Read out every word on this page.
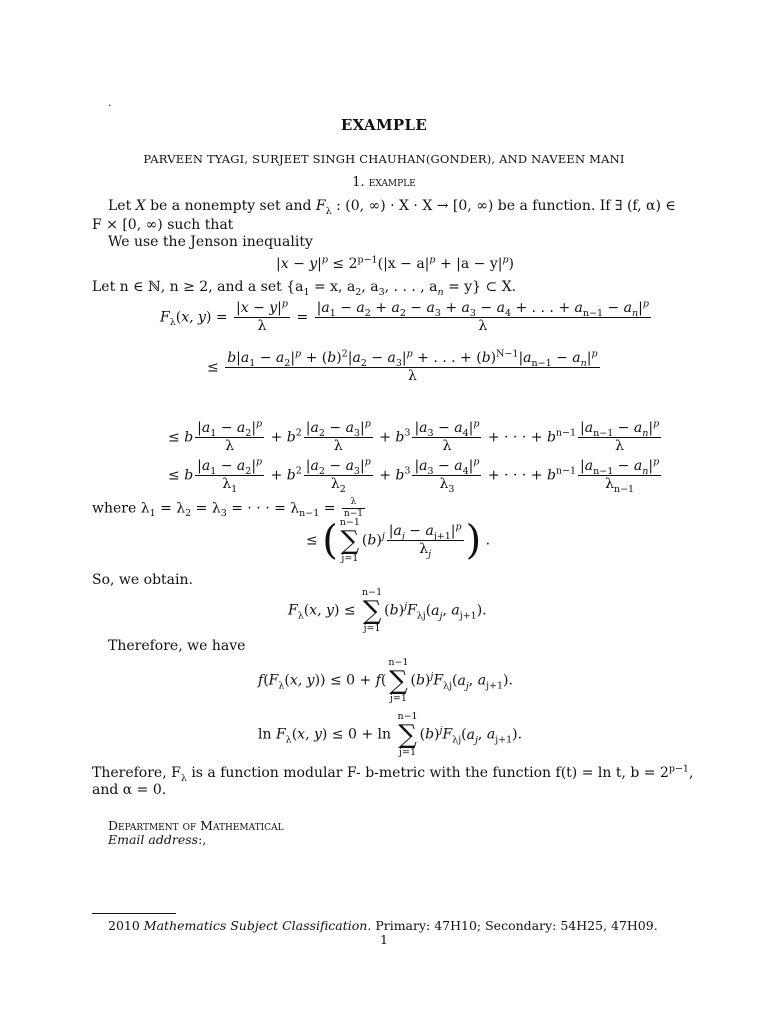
.
EXAMPLE
PARVEEN TYAGI, SURJEET SINGH CHAUHAN(GONDER), AND NAVEEN MANI
1. example
Let X be a nonempty set and $F_\lambda$ : (0, ∞) · X · X → [0, ∞) be a function. If ∃ (f, α) ∈
F × [0, ∞) such that
We use the Jenson inequality
$|x - y|^p \le 2^{p-1}(|x - a|^p + |a - y|^p)$
Let n ∈ ℕ, n ≥ 2, and a set {$a_1 = x$, $a_2$, $a_3$, . . . , $a_n = y$} ⊂ X.
$F_\lambda(x$, $y) = \frac{|x - y|^p}{\lambda} = \frac{|a_1 - a_2 + a_2 - a_3 + a_3 - a_4 + . . . + a_{n-1} - a_n|^p}{\lambda}$
≤ $\frac{b|a_1 - a_2|^p + (b)^2|a_2 - a_3|^p + . . . + (b)^{N-1}|a_{n-1} - a_n|^p}{\lambda}$
≤ b $\frac{|a_1 - a_2|^p}{\lambda} + b^2 \frac{|a_2 - a_3|^p}{\lambda} + b^3 \frac{|a_3 - a_4|^p}{\lambda}$ + · · · + $b^{n-1} \frac{|a_{n-1} - a_n|^p}{\lambda}$
≤ b $\frac{|a_1 - a_2|^p}{\lambda_1} + b^2 \frac{|a_2 - a_3|^p}{\lambda_2} + b^3 \frac{|a_3 - a_4|^p}{\lambda_3}$ + · · · + $b^{n-1} \frac{|a_{n-1} - a_n|^p}{\lambda_{n-1}}$
where $\lambda_1 = \lambda_2 = \lambda_3$ = · · · = $\lambda_{n-1} = \frac{\lambda}{n-1}$
≤ ( n−1
∑
j=1
$(b)^j \frac{|a_j - a_{j+1}|^p}{\lambda_j}$ ) .
So, we obtain.
$F_\lambda(x$, y) ≤
n−1
∑
j=1
$(b)^jF_{\lambda j}(a_j$, $a_{j+1}$).
Therefore, we have
$f(F_\lambda(x$, y)) ≤ 0 + f(
n−1
∑
j=1
$(b)^jF_{\lambda j}(a_j$, $a_{j+1}$).
$\ln F_\lambda(x$, y) ≤ 0 + ln
n−1
∑
j=1
$(b)^jF_{\lambda j}(a_j$, $a_{j+1}$).
Therefore, $F_\lambda$ is a function modular F- b-metric with the function f(t) = ln t, $b = 2^{p-1}$,
and α = 0.
Department of Mathematical
Email address:,
2010 Mathematics Subject Classification. Primary: 47H10; Secondary: 54H25, 47H09.
1
